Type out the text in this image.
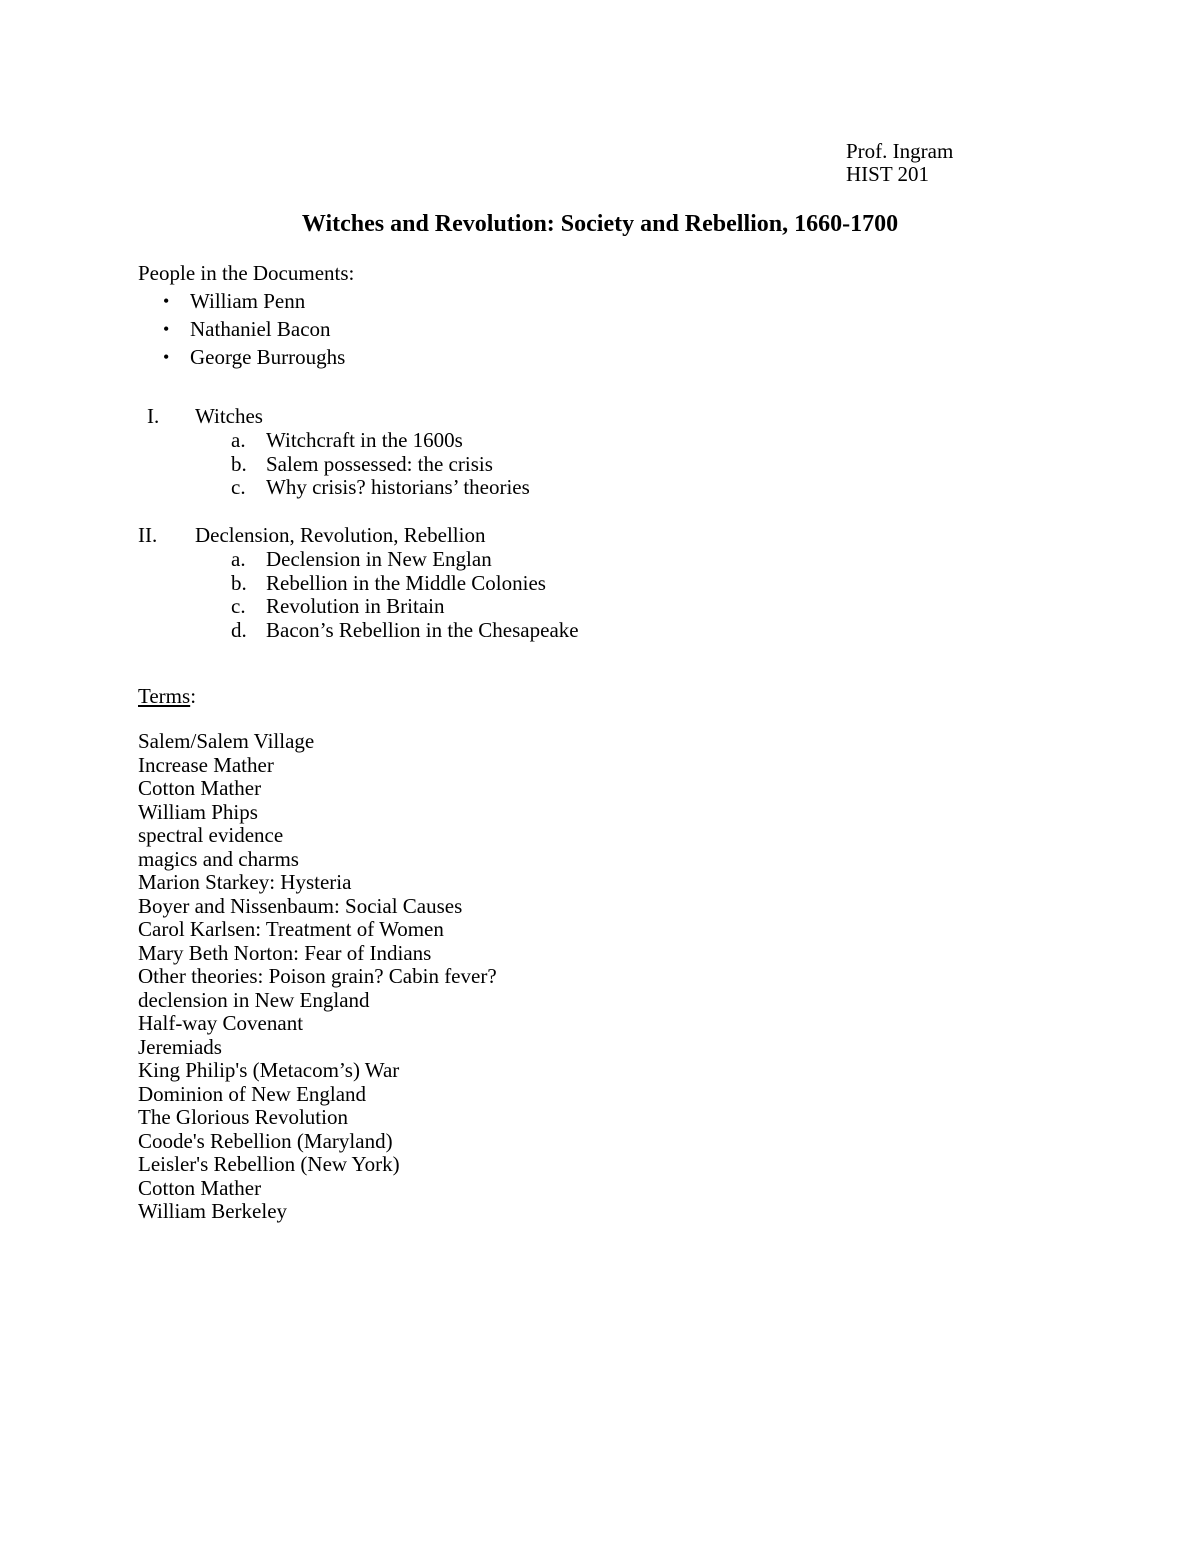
Prof. Ingram
HIST 201
Witches and Revolution: Society and Rebellion, 1660-1700
People in the Documents:
• William Penn
• Nathaniel Bacon
• George Burroughs
I.	Witches
a. Witchcraft in the 1600s
b. Salem possessed: the crisis
c. Why crisis? historians’ theories
II.	Declension, Revolution, Rebellion
a. Declension in New Englan
b. Rebellion in the Middle Colonies
c. Revolution in Britain
d. Bacon’s Rebellion in the Chesapeake
Terms:
Salem/Salem Village
Increase Mather
Cotton Mather
William Phips
spectral evidence
magics and charms
Marion Starkey: Hysteria
Boyer and Nissenbaum: Social Causes
Carol Karlsen: Treatment of Women
Mary Beth Norton: Fear of Indians
Other theories: Poison grain? Cabin fever?
declension in New England
Half-way Covenant
Jeremiads
King Philip's (Metacom’s) War
Dominion of New England
The Glorious Revolution
Coode's Rebellion (Maryland)
Leisler's Rebellion (New York)
Cotton Mather
William Berkeley
